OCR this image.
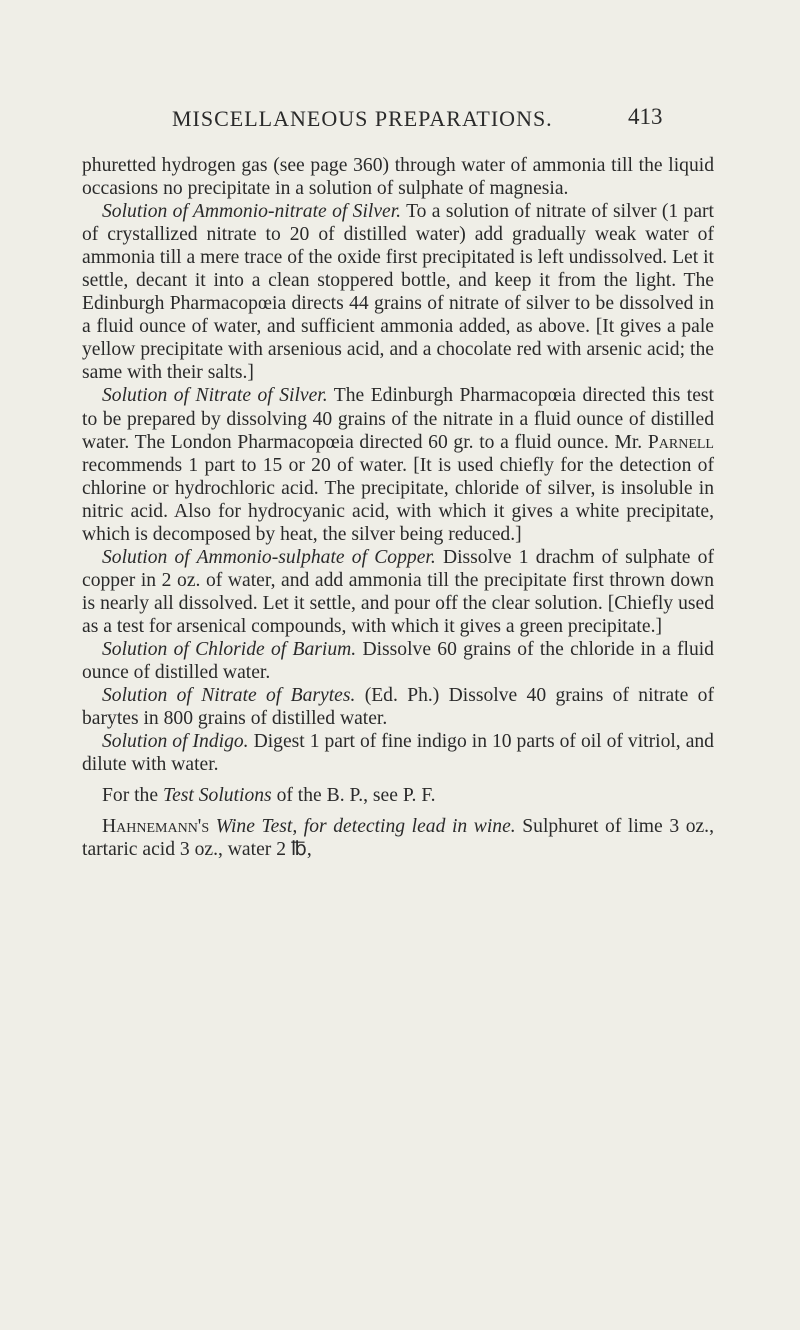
MISCELLANEOUS PREPARATIONS.	413

phuretted hydrogen gas (see page 360) through water of ammonia till the liquid occasions no precipitate in a solution of sulphate of magnesia.

Solution of Ammonio-nitrate of Silver. To a solution of nitrate of silver (1 part of crystallized nitrate to 20 of distilled water) add gradually weak water of ammonia till a mere trace of the oxide first precipitated is left undissolved. Let it settle, decant it into a clean stoppered bottle, and keep it from the light. The Edinburgh Pharmacopœia directs 44 grains of nitrate of silver to be dissolved in a fluid ounce of water, and sufficient ammonia added, as above. [It gives a pale yellow precipitate with arsenious acid, and a chocolate red with arsenic acid; the same with their salts.]

Solution of Nitrate of Silver. The Edinburgh Pharmacopœia directed this test to be prepared by dissolving 40 grains of the nitrate in a fluid ounce of distilled water. The London Pharmacopœia directed 60 gr. to a fluid ounce. Mr. Parnell recommends 1 part to 15 or 20 of water. [It is used chiefly for the detection of chlorine or hydrochloric acid. The precipitate, chloride of silver, is insoluble in nitric acid. Also for hydrocyanic acid, with which it gives a white precipitate, which is decomposed by heat, the silver being reduced.]

Solution of Ammonio-sulphate of Copper. Dissolve 1 drachm of sulphate of copper in 2 oz. of water, and add ammonia till the precipitate first thrown down is nearly all dissolved. Let it settle, and pour off the clear solution. [Chiefly used as a test for arsenical compounds, with which it gives a green precipitate.]

Solution of Chloride of Barium. Dissolve 60 grains of the chloride in a fluid ounce of distilled water.

Solution of Nitrate of Barytes. (Ed. Ph.) Dissolve 40 grains of nitrate of barytes in 800 grains of distilled water.

Solution of Indigo. Digest 1 part of fine indigo in 10 parts of oil of vitriol, and dilute with water.

For the Test Solutions of the B. P., see P. F.

Hahnemann's Wine Test, for detecting lead in wine. Sulphuret of lime 3 oz., tartaric acid 3 oz., water 2 ℔,
